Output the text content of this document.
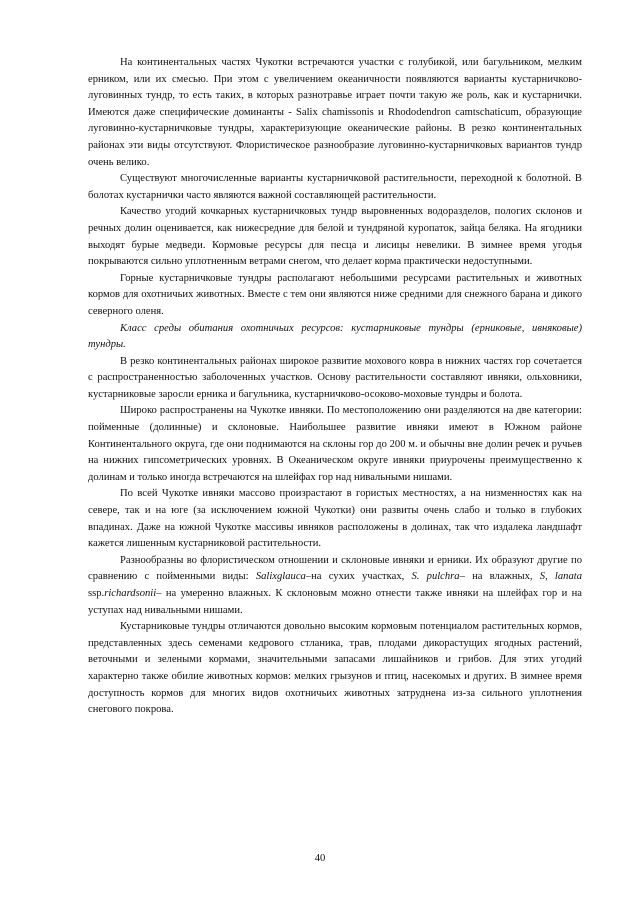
На континентальных частях Чукотки встречаются участки с голубикой, или багульником, мелким ерником, или их смесью. При этом с увеличением океаничности появляются варианты кустарничково-луговинных тундр, то есть таких, в которых разнотравье играет почти такую же роль, как и кустарнички. Имеются даже специфические доминанты - Salix chamissonis и Rhododendron camtschaticum, образующие луговинно-кустарничковые тундры, характеризующие океанические районы. В резко континентальных районах эти виды отсутствуют. Флористическое разнообразие луговинно-кустарничковых вариантов тундр очень велико.

Существуют многочисленные варианты кустарничковой растительности, переходной к болотной. В болотах кустарнички часто являются важной составляющей растительности.

Качество угодий кочкарных кустарничковых тундр выровненных водоразделов, пологих склонов и речных долин оценивается, как нижесредние для белой и тундряной куропаток, зайца беляка. На ягодники выходят бурые медведи. Кормовые ресурсы для песца и лисицы невелики. В зимнее время угодья покрываются сильно уплотненным ветрами снегом, что делает корма практически недоступными.

Горные кустарничковые тундры располагают небольшими ресурсами растительных и животных кормов для охотничьих животных. Вместе с тем они являются ниже средними для снежного барана и дикого северного оленя.

Класс среды обитания охотничьих ресурсов: кустарниковые тундры (ерниковые, ивняковые) тундры.

В резко континентальных районах широкое развитие мохового ковра в нижних частях гор сочетается с распространенностью заболоченных участков. Основу растительности составляют ивняки, ольховники, кустарниковые заросли ерника и багульника, кустарничково-осоково-моховые тундры и болота.

Широко распространены на Чукотке ивняки. По местоположению они разделяются на две категории: пойменные (долинные) и склоновые. Наибольшее развитие ивняки имеют в Южном районе Континентального округа, где они поднимаются на склоны гор до 200 м. и обычны вне долин речек и ручьев на нижних гипсометрических уровнях. В Океаническом округе ивняки приурочены преимущественно к долинам и только иногда встречаются на шлейфах гор над нивальными нишами.

По всей Чукотке ивняки массово произрастают в гористых местностях, а на низменностях как на севере, так и на юге (за исключением южной Чукотки) они развиты очень слабо и только в глубоких впадинах. Даже на южной Чукотке массивы ивняков расположены в долинах, так что издалека ландшафт кажется лишенным кустарниковой растительности.

Разнообразны во флористическом отношении и склоновые ивняки и ерники. Их образуют другие по сравнению с пойменными виды: Salixglauca–на сухих участках, S. pulchra– на влажных, S, lanata ssp.richardsonii– на умеренно влажных. К склоновым можно отнести также ивняки на шлейфах гор и на уступах над нивальными нишами.

Кустарниковые тундры отличаются довольно высоким кормовым потенциалом растительных кормов, представленных здесь семенами кедрового стланика, трав, плодами дикорастущих ягодных растений, веточными и зелеными кормами, значительными запасами лишайников и грибов. Для этих угодий характерно также обилие животных кормов: мелких грызунов и птиц, насекомых и других. В зимнее время доступность кормов для многих видов охотничьих животных затруднена из-за сильного уплотнения снегового покрова.

40
